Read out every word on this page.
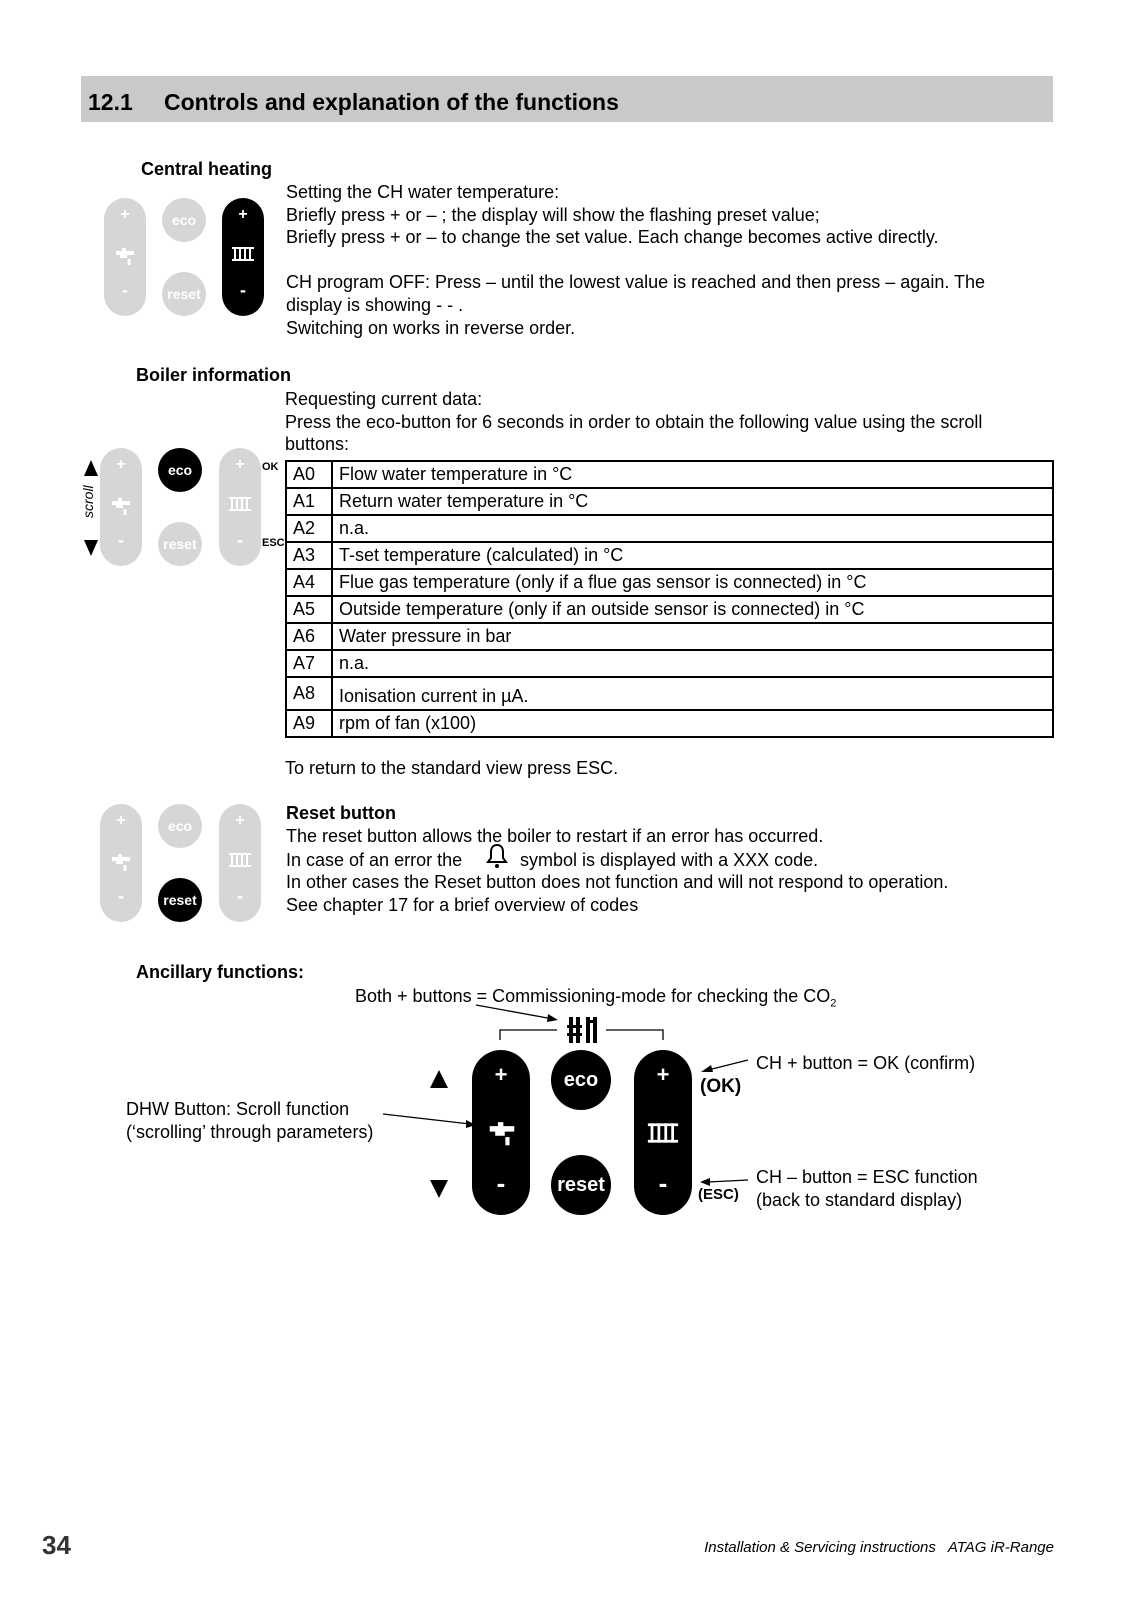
12.1 Controls and explanation of the functions
Central heating
+
-
eco
reset
+
-
Setting the CH water temperature:
Briefly press + or – ; the display will show the flashing preset value;
Briefly press + or – to change the set value. Each change becomes active directly.
CH program OFF: Press – until the lowest value is reached and then press – again. The
display is showing - - .
Switching on works in reverse order.
Boiler information
Requesting current data:
Press the eco-button for 6 seconds in order to obtain the following value using the scroll
buttons:
scroll
+
-
eco
reset
+
-
OK
ESC
A0	Flow water temperature in °C
A1	Return water temperature in °C
A2	n.a.
A3	T-set temperature (calculated) in °C
A4	Flue gas temperature (only if a flue gas sensor is connected) in °C
A5	Outside temperature (only if an outside sensor is connected) in °C
A6	Water pressure in bar
A7	n.a.
A8	Ionisation current in µA.
A9	rpm of fan (x100)
To return to the standard view press ESC.
+
-
eco
reset
+
-
Reset button
The reset button allows the boiler to restart if an error has occurred.
In case of an error the	symbol is displayed with a XXX code.
In other cases the Reset button does not function and will not respond to operation.
See chapter 17 for a brief overview of codes
Ancillary functions:
Both + buttons = Commissioning-mode for checking the $CO_2$
CH + button = OK (confirm)
(OK)
DHW Button: Scroll function
(‘scrolling’ through parameters)
CH – button = ESC function
(back to standard display)
(ESC)
+
-
eco
reset
+
-
34	Installation & Servicing instructions   ATAG iR-Range
